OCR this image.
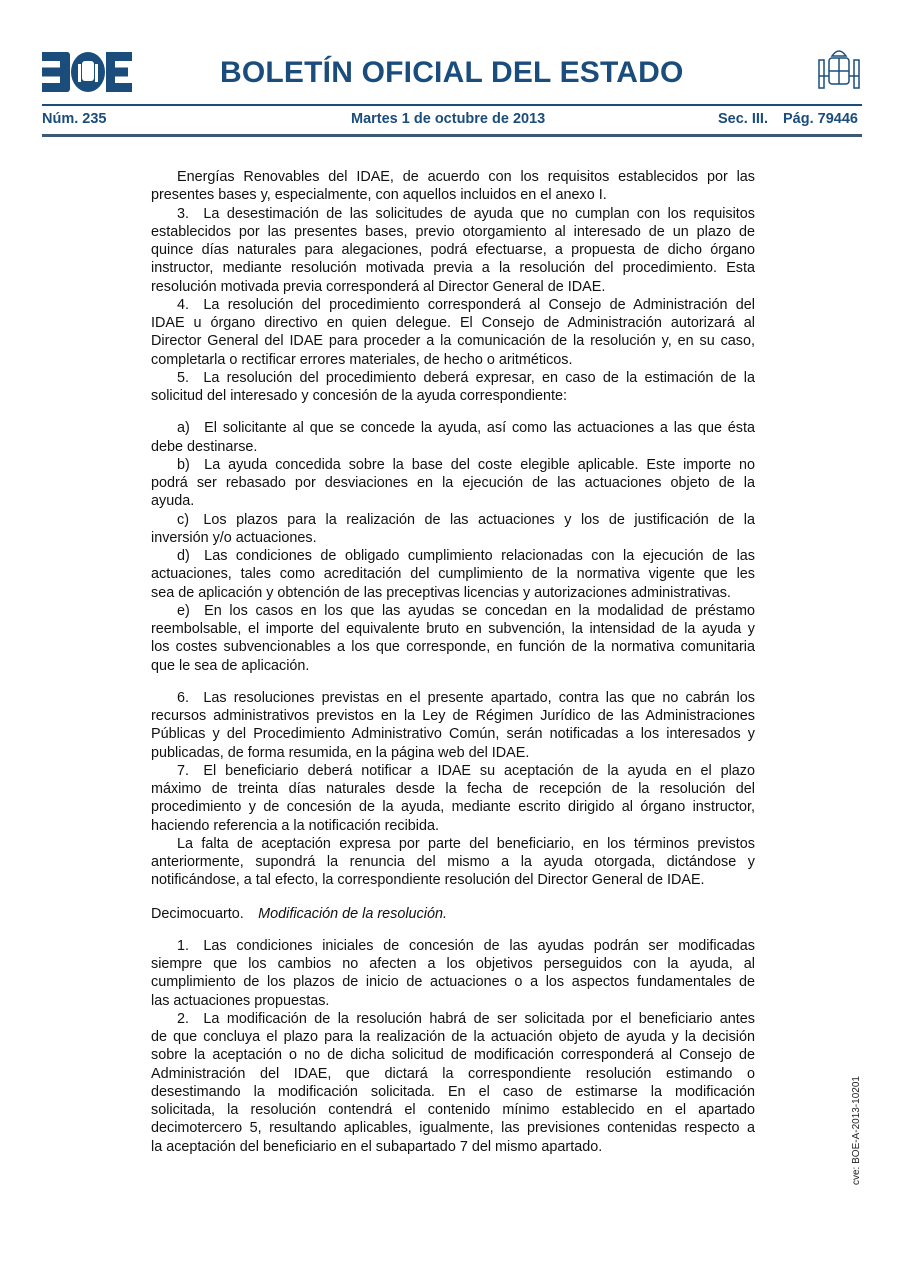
BOLETÍN OFICIAL DEL ESTADO
Núm. 235	Martes 1 de octubre de 2013	Sec. III. Pág. 79446
Energías Renovables del IDAE, de acuerdo con los requisitos establecidos por las
presentes bases y, especialmente, con aquellos incluidos en el anexo I.
3. La desestimación de las solicitudes de ayuda que no cumplan con los requisitos
establecidos por las presentes bases, previo otorgamiento al interesado de un plazo de
quince días naturales para alegaciones, podrá efectuarse, a propuesta de dicho órgano
instructor, mediante resolución motivada previa a la resolución del procedimiento. Esta
resolución motivada previa corresponderá al Director General de IDAE.
4. La resolución del procedimiento corresponderá al Consejo de Administración del
IDAE u órgano directivo en quien delegue. El Consejo de Administración autorizará al
Director General del IDAE para proceder a la comunicación de la resolución y, en su caso,
completarla o rectificar errores materiales, de hecho o aritméticos.
5. La resolución del procedimiento deberá expresar, en caso de la estimación de la
solicitud del interesado y concesión de la ayuda correspondiente:
a) El solicitante al que se concede la ayuda, así como las actuaciones a las que ésta
debe destinarse.
b) La ayuda concedida sobre la base del coste elegible aplicable. Este importe no
podrá ser rebasado por desviaciones en la ejecución de las actuaciones objeto de la
ayuda.
c) Los plazos para la realización de las actuaciones y los de justificación de la
inversión y/o actuaciones.
d) Las condiciones de obligado cumplimiento relacionadas con la ejecución de las
actuaciones, tales como acreditación del cumplimiento de la normativa vigente que les
sea de aplicación y obtención de las preceptivas licencias y autorizaciones administrativas.
e) En los casos en los que las ayudas se concedan en la modalidad de préstamo
reembolsable, el importe del equivalente bruto en subvención, la intensidad de la ayuda y
los costes subvencionables a los que corresponde, en función de la normativa comunitaria
que le sea de aplicación.
6. Las resoluciones previstas en el presente apartado, contra las que no cabrán los
recursos administrativos previstos en la Ley de Régimen Jurídico de las Administraciones
Públicas y del Procedimiento Administrativo Común, serán notificadas a los interesados y
publicadas, de forma resumida, en la página web del IDAE.
7. El beneficiario deberá notificar a IDAE su aceptación de la ayuda en el plazo
máximo de treinta días naturales desde la fecha de recepción de la resolución del
procedimiento y de concesión de la ayuda, mediante escrito dirigido al órgano instructor,
haciendo referencia a la notificación recibida.
La falta de aceptación expresa por parte del beneficiario, en los términos previstos
anteriormente, supondrá la renuncia del mismo a la ayuda otorgada, dictándose y
notificándose, a tal efecto, la correspondiente resolución del Director General de IDAE.
Decimocuarto.  Modificación de la resolución.
1. Las condiciones iniciales de concesión de las ayudas podrán ser modificadas
siempre que los cambios no afecten a los objetivos perseguidos con la ayuda, al
cumplimiento de los plazos de inicio de actuaciones o a los aspectos fundamentales de
las actuaciones propuestas.
2. La modificación de la resolución habrá de ser solicitada por el beneficiario antes
de que concluya el plazo para la realización de la actuación objeto de ayuda y la decisión
sobre la aceptación o no de dicha solicitud de modificación corresponderá al Consejo de
Administración del IDAE, que dictará la correspondiente resolución estimando o
desestimando la modificación solicitada. En el caso de estimarse la modificación
solicitada, la resolución contendrá el contenido mínimo establecido en el apartado
decimotercero 5, resultando aplicables, igualmente, las previsiones contenidas respecto a
la aceptación del beneficiario en el subapartado 7 del mismo apartado.	cve: BOE-A-2013-10201
